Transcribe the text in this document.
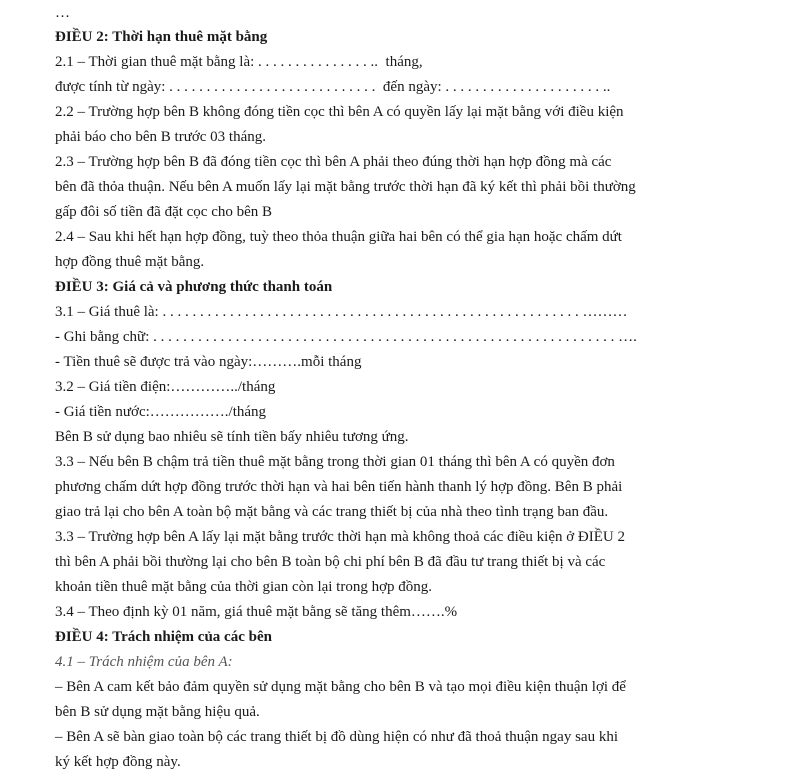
…
ĐIỀU 2: Thời hạn thuê mặt bằng
2.1 – Thời gian thuê mặt bằng là: . . . . . . . . . . . . . . . ..  tháng,
được tính từ ngày: . . . . . . . . . . . . . . . . . . . . . . . . . . . .  đến ngày: . . . . . . . . . . . . . . . . . . . . . ..
2.2 – Trường hợp bên B không đóng tiền cọc thì bên A có quyền lấy lại mặt bằng với điều kiện
phải báo cho bên B trước 03 tháng.
2.3 – Trường hợp bên B đã đóng tiền cọc thì bên A phải theo đúng thời hạn hợp đồng mà các
bên đã thỏa thuận. Nếu bên A muốn lấy lại mặt bằng trước thời hạn đã ký kết thì phải bồi thường
gấp đôi số tiền đã đặt cọc cho bên B
2.4 – Sau khi hết hạn hợp đồng, tuỳ theo thỏa thuận giữa hai bên có thể gia hạn hoặc chấm dứt
hợp đồng thuê mặt bằng.
ĐIỀU 3: Giá cả và phương thức thanh toán
3.1 – Giá thuê là: . . . . . . . . . . . . . . . . . . . . . . . . . . . . . . . . . . . . . . . . . . . . . . . . . . . . . . . . ………
- Ghi bằng chữ: . . . . . . . . . . . . . . . . . . . . . . . . . . . . . . . . . . . . . . . . . . . . . . . . . . . . . . . . . . . . . . ….
- Tiền thuê sẽ được trả vào ngày:……….mỗi tháng
3.2 – Giá tiền điện:…………../tháng
- Giá tiền nước:……………./tháng
Bên B sử dụng bao nhiêu sẽ tính tiền bấy nhiêu tương ứng.
3.3 – Nếu bên B chậm trả tiền thuê mặt bằng trong thời gian 01 tháng thì bên A có quyền đơn
phương chấm dứt hợp đồng trước thời hạn và hai bên tiến hành thanh lý hợp đồng. Bên B phải
giao trả lại cho bên A toàn bộ mặt bằng và các trang thiết bị của nhà theo tình trạng ban đầu.
3.3 – Trường hợp bên A lấy lại mặt bằng trước thời hạn mà không thoả các điều kiện ở ĐIỀU 2
thì bên A phải bồi thường lại cho bên B toàn bộ chi phí bên B đã đầu tư trang thiết bị và các
khoản tiền thuê mặt bằng của thời gian còn lại trong hợp đồng.
3.4 – Theo định kỳ 01 năm, giá thuê mặt bằng sẽ tăng thêm…….%
ĐIỀU 4: Trách nhiệm của các bên
4.1 – Trách nhiệm của bên A:
– Bên A cam kết bảo đảm quyền sử dụng mặt bằng cho bên B và tạo mọi điều kiện thuận lợi để
bên B sử dụng mặt bằng hiệu quả.
– Bên A sẽ bàn giao toàn bộ các trang thiết bị đồ dùng hiện có như đã thoả thuận ngay sau khi
ký kết hợp đồng này.
